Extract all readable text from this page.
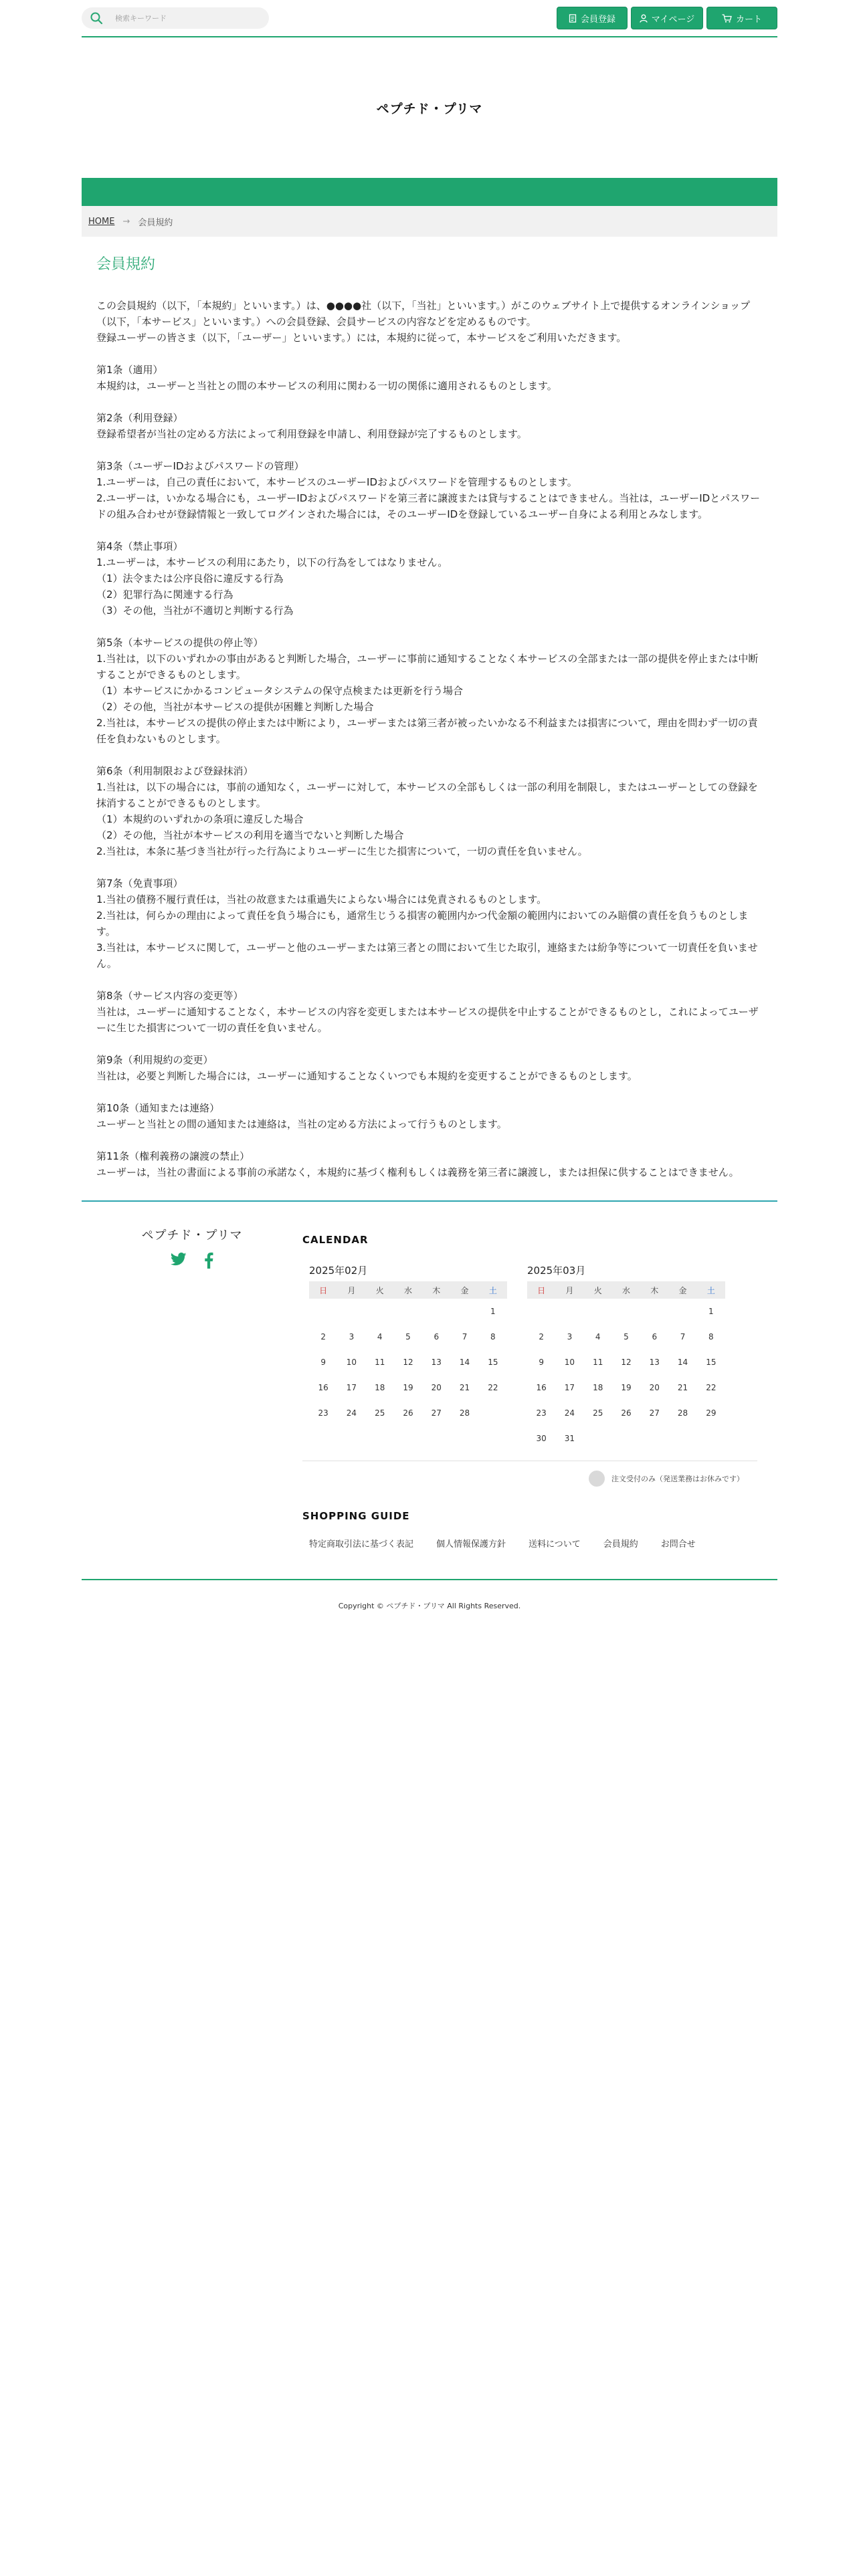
検索キーワード
会員登録	マイページ	カート
ペプチド・プリマ
HOME → 会員規約
会員規約

この会員規約（以下，「本規約」といいます。）は、●●●●社（以下，「当社」といいます。）がこのウェブサイト上で提供するオンラインショップ（以下，「本サービス」といいます。）への会員登録、会員サービスの内容などを定めるものです。

登録ユーザーの皆さま（以下，「ユーザー」といいます。）には，本規約に従って，本サービスをご利用いただきます。

第1条（適用）

本規約は，ユーザーと当社との間の本サービスの利用に関わる一切の関係に適用されるものとします。

第2条（利用登録）

登録希望者が当社の定める方法によって利用登録を申請し、利用登録が完了するものとします。

第3条（ユーザーIDおよびパスワードの管理）

1.ユーザーは，自己の責任において，本サービスのユーザーIDおよびパスワードを管理するものとします。

2.ユーザーは，いかなる場合にも，ユーザーIDおよびパスワードを第三者に譲渡または貸与することはできません。当社は，ユーザーIDとパスワードの組み合わせが登録情報と一致してログインされた場合には，そのユーザーIDを登録しているユーザー自身による利用とみなします。

第4条（禁止事項）

1.ユーザーは，本サービスの利用にあたり，以下の行為をしてはなりません。

（1）法令または公序良俗に違反する行為

（2）犯罪行為に関連する行為

（3）その他，当社が不適切と判断する行為

第5条（本サービスの提供の停止等）

1.当社は，以下のいずれかの事由があると判断した場合，ユーザーに事前に通知することなく本サービスの全部または一部の提供を停止または中断することができるものとします。

（1）本サービスにかかるコンピュータシステムの保守点検または更新を行う場合

（2）その他，当社が本サービスの提供が困難と判断した場合

2.当社は，本サービスの提供の停止または中断により，ユーザーまたは第三者が被ったいかなる不利益または損害について，理由を問わず一切の責任を負わないものとします。

第6条（利用制限および登録抹消）

1.当社は，以下の場合には，事前の通知なく，ユーザーに対して，本サービスの全部もしくは一部の利用を制限し，またはユーザーとしての登録を抹消することができるものとします。

（1）本規約のいずれかの条項に違反した場合

（2）その他，当社が本サービスの利用を適当でないと判断した場合

2.当社は，本条に基づき当社が行った行為によりユーザーに生じた損害について，一切の責任を負いません。

第7条（免責事項）

1.当社の債務不履行責任は，当社の故意または重過失によらない場合には免責されるものとします。

2.当社は，何らかの理由によって責任を負う場合にも，通常生じうる損害の範囲内かつ代金額の範囲内においてのみ賠償の責任を負うものとします。

3.当社は，本サービスに関して，ユーザーと他のユーザーまたは第三者との間において生じた取引，連絡または紛争等について一切責任を負いません。

第8条（サービス内容の変更等）

当社は，ユーザーに通知することなく，本サービスの内容を変更しまたは本サービスの提供を中止することができるものとし，これによってユーザーに生じた損害について一切の責任を負いません。

第9条（利用規約の変更）

当社は，必要と判断した場合には，ユーザーに通知することなくいつでも本規約を変更することができるものとします。

第10条（通知または連絡）

ユーザーと当社との間の通知または連絡は，当社の定める方法によって行うものとします。

第11条（権利義務の譲渡の禁止）

ユーザーは，当社の書面による事前の承諾なく，本規約に基づく権利もしくは義務を第三者に譲渡し，または担保に供することはできません。

ペプチド・プリマ	CALENDAR
2025年02月
日	月	火	水	木	金	土
						1
2	3	4	5	6	7	8
9	10	11	12	13	14	15
16	17	18	19	20	21	22
23	24	25	26	27	28	
2025年03月
日	月	火	水	木	金	土
						1
2	3	4	5	6	7	8
9	10	11	12	13	14	15
16	17	18	19	20	21	22
23	24	25	26	27	28	29
30	31					
注文受付のみ（発送業務はお休みです）
SHOPPING GUIDE
特定商取引法に基づく表記	個人情報保護方針	送料について	会員規約	お問合せ
Copyright © ペプチド・プリマ All Rights Reserved.
